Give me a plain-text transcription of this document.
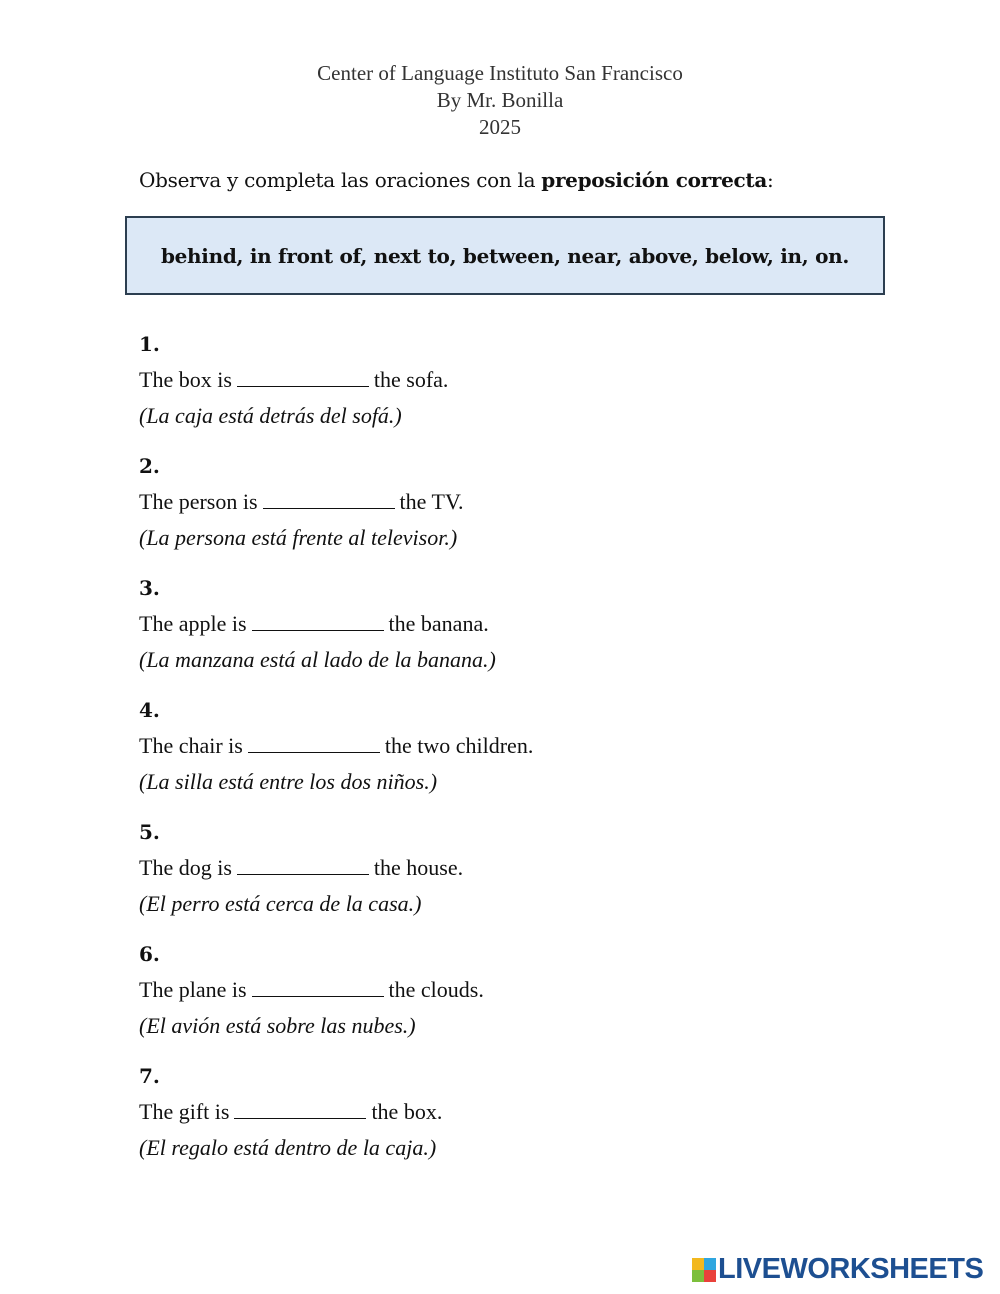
Center of Language Instituto San Francisco
By Mr. Bonilla
2025
Observa y completa las oraciones con la preposición correcta:
behind, in front of, next to, between, near, above, below, in, on.
1.
The box is	the sofa.
(La caja está detrás del sofá.)
2.
The person is	the TV.
(La persona está frente al televisor.)
3.
The apple is	the banana.
(La manzana está al lado de la banana.)
4.
The chair is	the two children.
(La silla está entre los dos niños.)
5.
The dog is	the house.
(El perro está cerca de la casa.)
6.
The plane is	the clouds.
(El avión está sobre las nubes.)
7.
The gift is	the box.
(El regalo está dentro de la caja.)
LIVEWORKSHEETS
